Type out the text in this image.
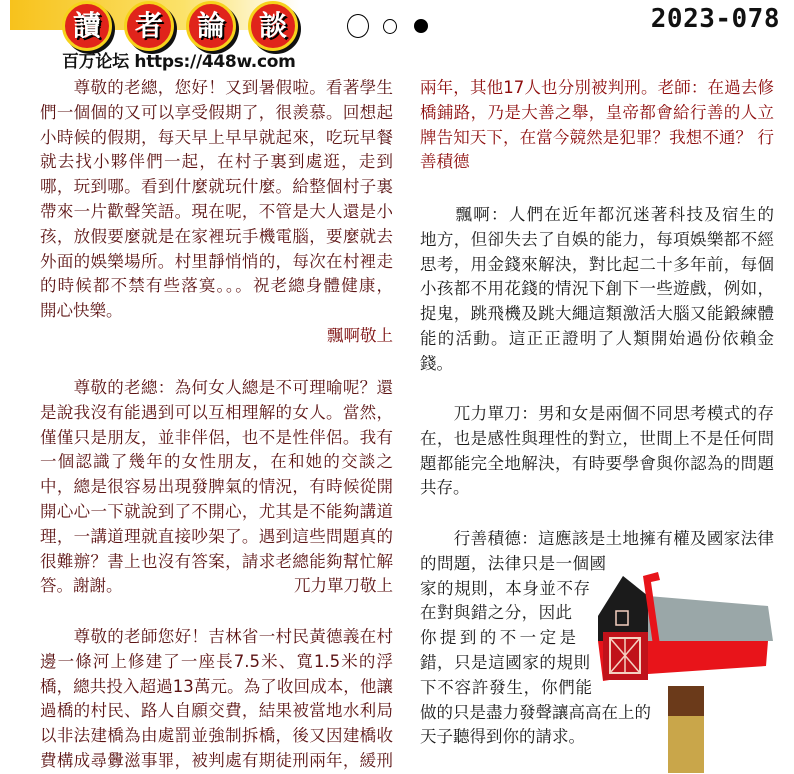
讀	者	論	談
百万论坛 https://448w.com
2023-078
　　尊敬的老總，您好！又到暑假啦。看著學生
們一個個的又可以享受假期了，很羨慕。回想起
小時候的假期，每天早上早早就起來，吃玩早餐
就去找小夥伴們一起，在村子裏到處逛，走到
哪，玩到哪。看到什麼就玩什麼。給整個村子裏
帶來一片歡聲笑語。現在呢，不管是大人還是小
孩，放假要麼就是在家裡玩手機電腦，要麼就去
外面的娛樂場所。村里靜悄悄的，每次在村裡走
的時候都不禁有些落寞。。。祝老總身體健康，
開心快樂。
飄啊敬上
　　尊敬的老總：為何女人總是不可理喻呢？還
是說我沒有能遇到可以互相理解的女人。當然，
僅僅只是朋友，並非伴侶，也不是性伴侶。我有
一個認識了幾年的女性朋友，在和她的交談之
中，總是很容易出現發脾氣的情況，有時候從開
開心心一下就說到了不開心，尤其是不能夠講道
理，一講道理就直接吵架了。遇到這些問題真的
很難辦？書上也沒有答案，請求老總能夠幫忙解
答。謝謝。	兀力單刀敬上
　　尊敬的老師您好！吉林省一村民黃德義在村
邊一條河上修建了一座長7.5米、寬1.5米的浮
橋，總共投入超過13萬元。為了收回成本，他讓
過橋的村民、路人自願交費，結果被當地水利局
以非法建橋為由處罰並強制拆橋，後又因建橋收
費構成尋釁滋事罪，被判處有期徒刑兩年，緩刑
兩年，其他17人也分別被判刑。老師：在過去修
橋鋪路，乃是大善之舉，皇帝都會給行善的人立
牌告知天下，在當今競然是犯罪？我想不通？ 行
善積德
　　飄啊：人們在近年都沉迷著科技及宿生的
地方，但卻失去了自娛的能力，每項娛樂都不經
思考，用金錢來解決，對比起二十多年前，每個
小孩都不用花錢的情況下創下一些遊戲，例如，
捉鬼，跳飛機及跳大繩這類激活大腦又能鍛練體
能的活動。這正正證明了人類開始過份依賴金
錢。
　　兀力單刀：男和女是兩個不同思考模式的存
在，也是感性與理性的對立，世間上不是任何問
題都能完全地解決，有時要學會與你認為的問題
共存。
　　行善積德：這應該是土地擁有權及國家法律
的問題，法律只是一個國
家的規則，本身並不存
在對與錯之分，因此
你提到的不一定是
錯，只是這國家的規則
下不容許發生，你們能
做的只是盡力發聲讓高高在上的
天子聽得到你的請求。
